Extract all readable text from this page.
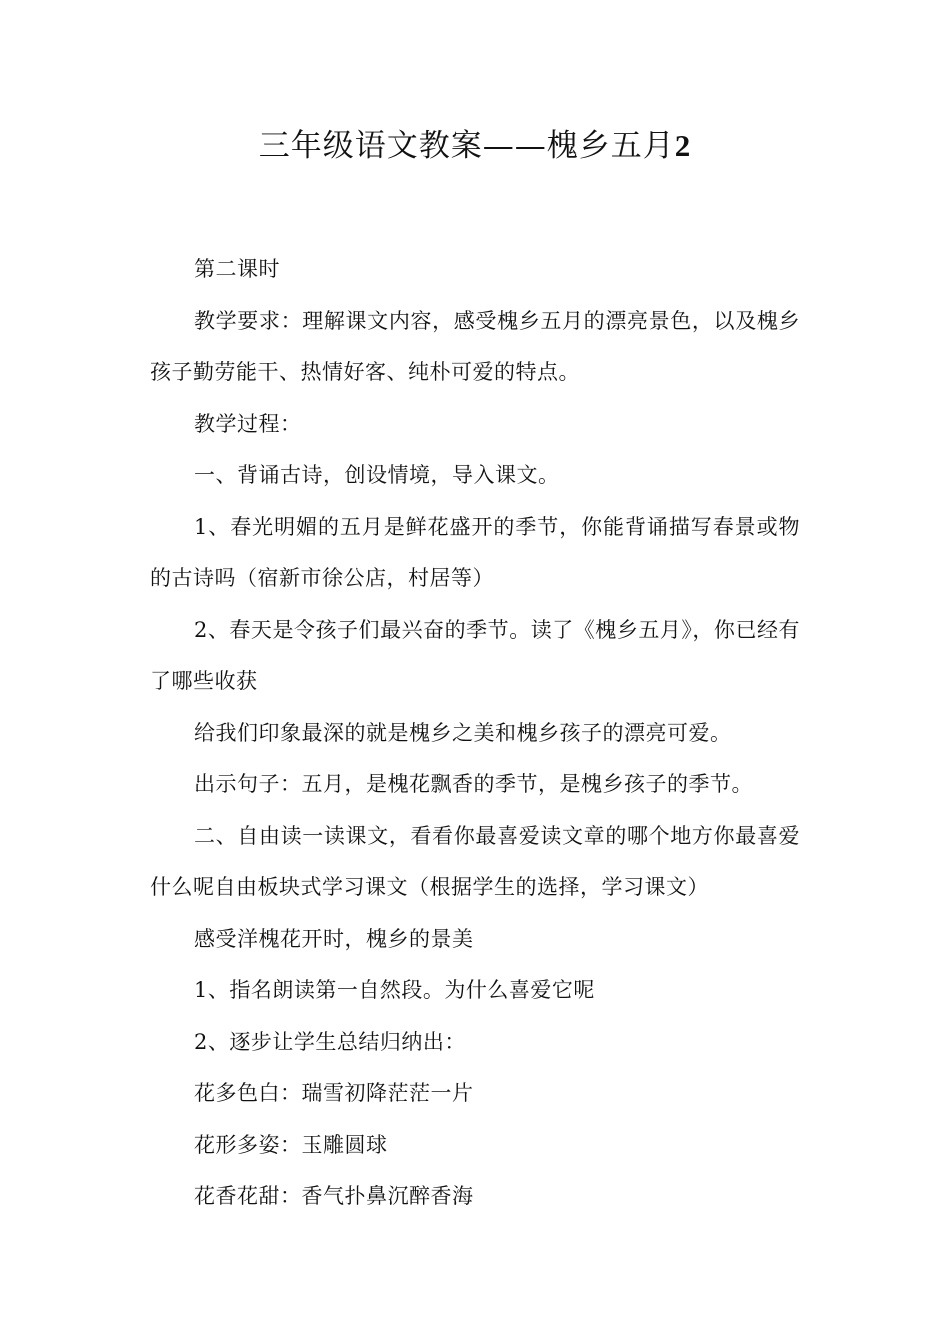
三年级语文教案——槐乡五月2

第二课时

教学要求：理解课文内容，感受槐乡五月的漂亮景色，以及槐乡孩子勤劳能干、热情好客、纯朴可爱的特点。

教学过程：

一、背诵古诗，创设情境，导入课文。

1、春光明媚的五月是鲜花盛开的季节，你能背诵描写春景或物的古诗吗（宿新市徐公店，村居等）

2、春天是令孩子们最兴奋的季节。读了《槐乡五月》，你已经有了哪些收获

给我们印象最深的就是槐乡之美和槐乡孩子的漂亮可爱。

出示句子：五月，是槐花飘香的季节，是槐乡孩子的季节。

二、自由读一读课文，看看你最喜爱读文章的哪个地方你最喜爱什么呢自由板块式学习课文（根据学生的选择，学习课文）

感受洋槐花开时，槐乡的景美

1、指名朗读第一自然段。为什么喜爱它呢

2、逐步让学生总结归纳出：

花多色白：瑞雪初降茫茫一片

花形多姿：玉雕圆球

花香花甜：香气扑鼻沉醉香海
